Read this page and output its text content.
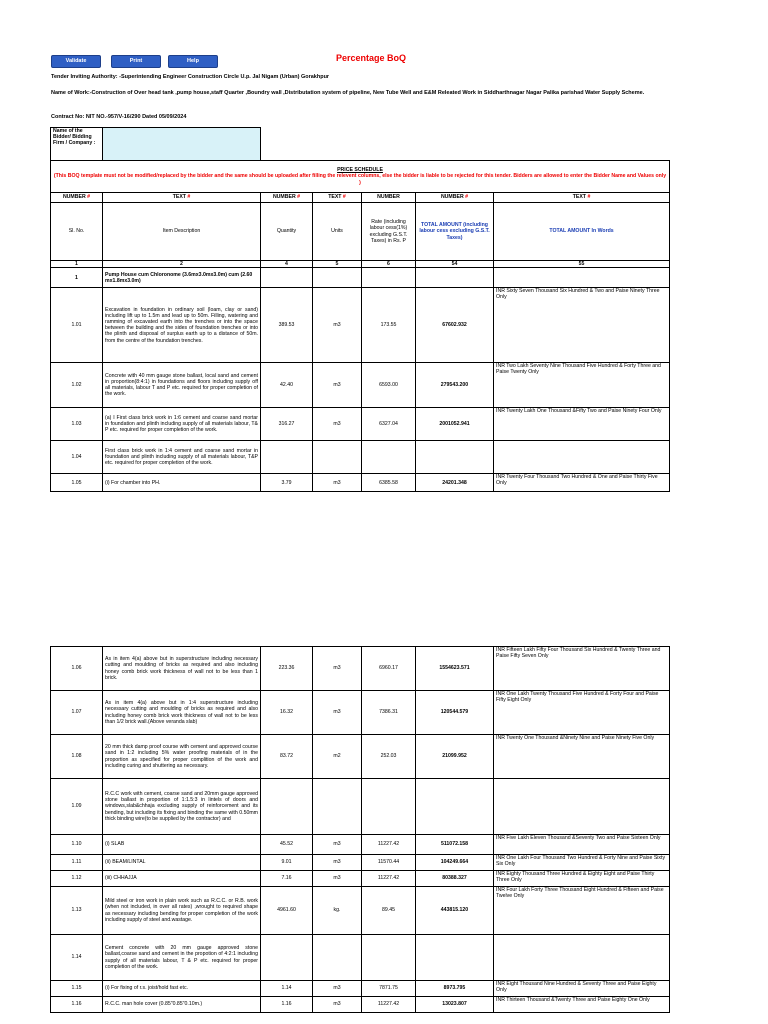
Validate	Print	Help	Percentage BoQ
Tender Inviting Authority: -Superintending Engineer Construction Circle U.p. Jal Nigam (Urban) Gorakhpur
Name of Work:-Construction of Over head tank ,pump house,staff Quarter ,Boundry wall ,Distributation system of pipeline, New Tube Well and E&M Releated Work in Siddharthnagar Nagar Palika parishad Water Supply Scheme.
Contract No: NIT NO.-957/V-16/290 Dated 05/09/2024
Name of the Bidder/ Bidding Firm / Company :						

PRICE SCHEDULE
(This BOQ template must not be modified/replaced by the bidder and the same should be uploaded after filling the relevent columns, else the bidder is liable to be rejected for this tender. Bidders are allowed to enter the Bidder Name and Values only )						

NUMBER #	TEXT #	NUMBER #	TEXT #	NUMBER	NUMBER #	TEXT #
Sl. No.	Item Description	Quantity	Units	Rate (including labour cess(1%) excluding G.S.T. Taxes) in Rs. P	TOTAL AMOUNT (including labour cess excluding G.S.T. Taxes)	TOTAL AMOUNT In Words
1	2	4	5	6	54	55
1	Pump House cum Chloronome (3.6mx3.0mx3.0m) cum (2.60 mx1.8mx3.0m)					
1.01	Excavation in foundation in ordinary soil (loam, clay or sand) including lift up to 1.5m and lead up to 50m. Filling, watering and ramming of excavated earth into the trenches or into the space between the building and the sides of foundation trenches or into the plinth and disposal of surplus earth up to a distance of 50m. from the centre of the foundation trenches.	389.53	m3	173.55	67602.932	INR Sixty Seven Thousand Six Hundred & Two and Paise Ninety Three Only
1.02	Concrete with 40 mm gauge stone ballast, local sand and cement in proportion(8:4:1) in foundations and floors including supply off all materials, labour T and P etc. required for proper completion of the work.	42.40	m3	6593.00	279543.200	INR Two Lakh Seventy Nine Thousand Five Hundred & Forty Three and Paise Twenty Only
1.03	(a) I First class brick work in 1:6 cement and coarse sand mortar in foundation and plinth including supply of all materials labour, T& P etc. required for proper completion of the work.	316.27	m3	6327.04	2001052.941	INR Twenty Lakh One Thousand &Fifty Two and Paise Ninety Four Only
1.04	First class brick work in 1:4 cement and coarse sand mortar in foundation and plinth including supply of all materials labour, T&P etc. required for proper completion of the work.					
1.05	(i) For chamber into PH.	3.79	m3	6385.58	24201.348	INR Twenty Four Thousand Two Hundred & One and Paise Thirty Five Only
1.06	As in item 4(a) above but in superstructure including necessary cutting and moulding of bricks as required and also including honey comb brick work thickness of wall not to be less than 1 brick.	223.36	m3	6960.17	1554623.571	INR Fifteen Lakh Fifty Four Thousand Six Hundred & Twenty Three and Paise Fifty Seven Only
1.07	As in item 4(a) above but in 1:4 superstructure including necessary cutting and moulding of bricks as required and also including honey comb brick work thickness of wall not to be less than 1/2 brick wall.(Above veranda slab)	16.32	m3	7386.31	120544.579	INR One Lakh Twenty Thousand Five Hundred & Forty Four and Paise Fifty Eight Only
1.08	20 mm thick damp proof course with cement and approved course sand in 1:2 including 5% water proofing materials of in the proportion as specified for proper complition of the work and including curing and shuttering as necessary.	83.72	m2	252.03	21099.952	INR Twenty One Thousand &Ninety Nine and Paise Ninety Five Only
1.09	R.C.C work with cement, coarse sand and 20mm gauge approved stone ballast in proportion of 1:1.5:3 in lintels of doors and windows,slab&chhaja excluding supply of reinforcement and its bending, but including its fixing and binding the same with 0.50mm thick binding wire(to be supplied by the contractor) and					
1.10	(i) SLAB	45.52	m3	11227.42	511072.158	INR Five Lakh Eleven Thousand &Seventy Two and Paise Sixteen Only
1.11	(ii) BEAM/LINTAL	9.01	m3	11570.44	104249.664	INR One Lakh Four Thousand Two Hundred & Forty Nine and Paise Sixty Six Only
1.12	(iii) CHHAJJA	7.16	m3	11227.42	80388.327	INR Eighty Thousand Three Hundred & Eighty Eight and Paise Thirty Three Only
1.13	Mild steel or iron work in plain work such as R.C.C. or R.B. work (when not included, in over all rates) ,wrought to required shape as necessary including bending for proper completion of the work including supply of steel and.wastage.	4961.60	kg.	89.45	443815.120	INR Four Lakh Forty Three Thousand Eight Hundred & Fifteen and Paise Twelve Only
1.14	Cement concrete with 20 mm gauge approved stone ballast,coarse sand and cement in the propotion of 4:2:1 including supply of all materials labour, T & P etc. required for proper completion of the work.					
1.15	(i) For fixing of r.s. joist/hold fast etc.	1.14	m3	7871.75	8973.795	INR Eight Thousand Nine Hundred & Seventy Three and Paise Eighty Only
1.16	R.C.C. man hole cover (0.85"0.85"0.10m.)	1.16	m3	11227.42	13023.807	INR Thirteen Thousand &Twenty Three and Paise Eighty One Only
